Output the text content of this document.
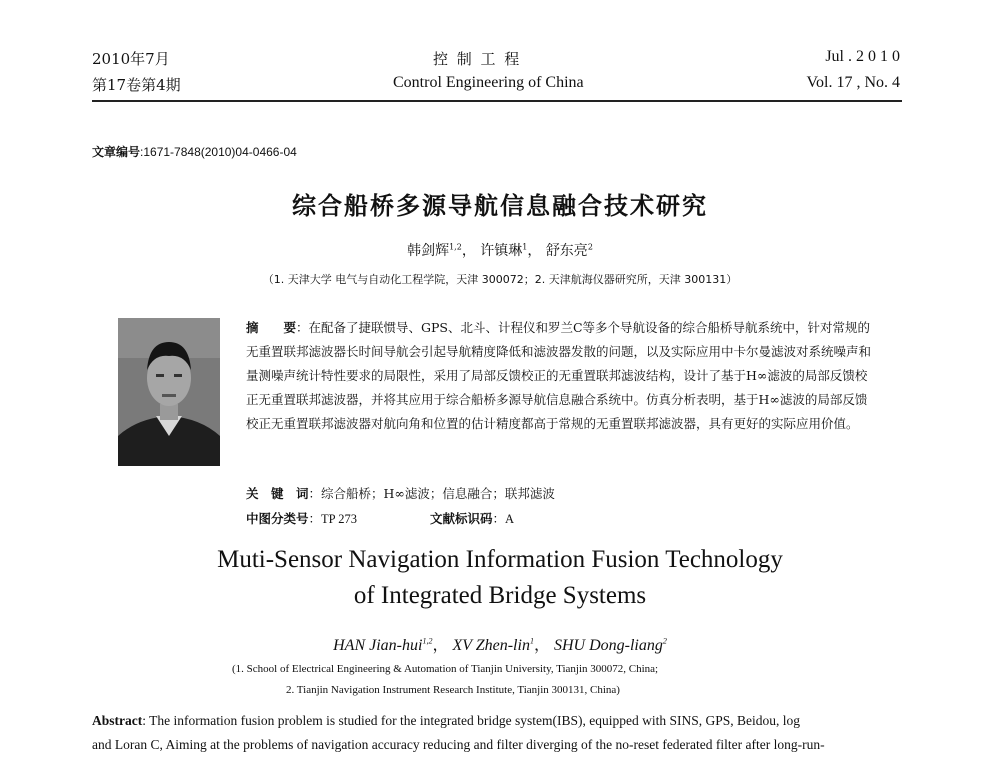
2010年7月
第17卷第4期
控 制 工 程
Control Engineering of China
Jul . 2 0 1 0
Vol. 17 , No. 4
文章编号:1671-7848(2010)04-0466-04
综合船桥多源导航信息融合技术研究
韩剑辉$^{1,2}$， 许镇琳$^1$， 舒东亮$^2$
（1. 天津大学 电气与自动化工程学院，天津 300072；2. 天津航海仪器研究所，天津 300131）
摘　　要：在配备了捷联惯导、GPS、北斗、计程仪和罗兰C等多个导航设备的综合船桥导航系统中，针对常规的无重置联邦滤波器长时间导航会引起导航精度降低和滤波器发散的问题，以及实际应用中卡尔曼滤波对系统噪声和量测噪声统计特性要求的局限性，采用了局部反馈校正的无重置联邦滤波结构，设计了基于H∞滤波的局部反馈校正无重置联邦滤波器，并将其应用于综合船桥多源导航信息融合系统中。仿真分析表明，基于H∞滤波的局部反馈校正无重置联邦滤波器对航向角和位置的估计精度都高于常规的无重置联邦滤波器，具有更好的实际应用价值。
关　键　词：综合船桥；H∞滤波；信息融合；联邦滤波
中图分类号：TP 273	文献标识码：A
Muti-Sensor Navigation Information Fusion Technology
of Integrated Bridge Systems
HAN Jian-hui$^{1,2}$， XV Zhen-lin$^1$， SHU Dong-liang$^2$
(1. School of Electrical Engineering & Automation of Tianjin University, Tianjin 300072, China;
2. Tianjin Navigation Instrument Research Institute, Tianjin 300131, China)
Abstract: The information fusion problem is studied for the integrated bridge system(IBS), equipped with SINS, GPS, Beidou, log
and Loran C, Aiming at the problems of navigation accuracy reducing and filter diverging of the no-reset federated filter after long-run-
